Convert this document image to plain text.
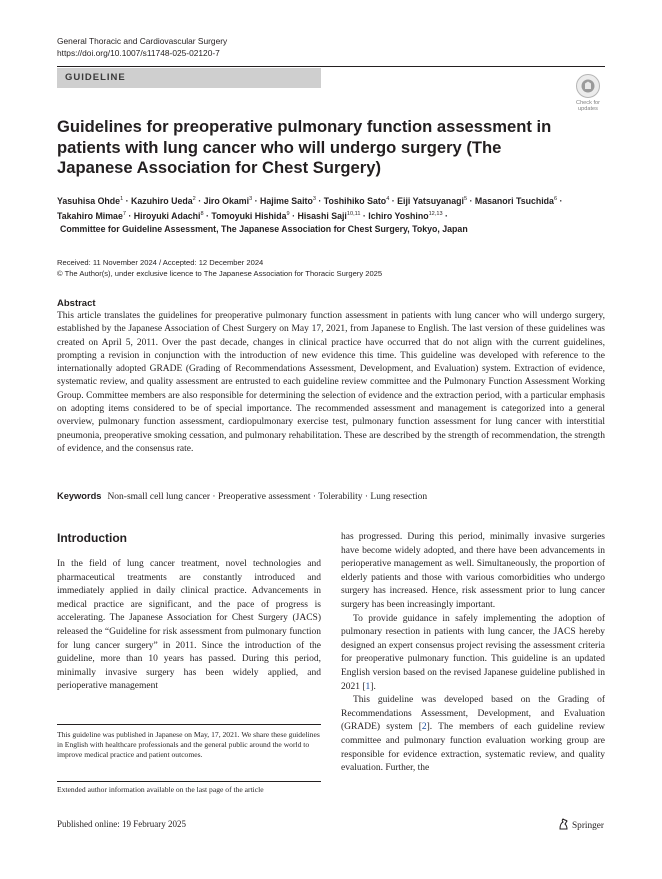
General Thoracic and Cardiovascular Surgery
https://doi.org/10.1007/s11748-025-02120-7
GUIDELINE
Check for
updates
Guidelines for preoperative pulmonary function assessment in patients with lung cancer who will undergo surgery (The Japanese Association for Chest Surgery)
Yasuhisa Ohde$^1$ · Kazuhiro Ueda$^2$ · Jiro Okami$^3$ · Hajime Saito$^3$ · Toshihiko Sato$^4$ · Eiji Yatsuyanagi$^5$ · Masanori Tsuchida$^6$ ·
Takahiro Mimae$^7$ · Hiroyuki Adachi$^8$ · Tomoyuki Hishida$^9$ · Hisashi Saji$^{10,11}$ · Ichiro Yoshino$^{12,13}$ ·
Committee for Guideline Assessment, The Japanese Association for Chest Surgery, Tokyo, Japan
Received: 11 November 2024 / Accepted: 12 December 2024
© The Author(s), under exclusive licence to The Japanese Association for Thoracic Surgery 2025
Abstract
This article translates the guidelines for preoperative pulmonary function assessment in patients with lung cancer who will undergo surgery, established by the Japanese Association of Chest Surgery on May 17, 2021, from Japanese to English. The last version of these guidelines was created on April 5, 2011. Over the past decade, changes in clinical practice have occurred that do not align with the current guidelines, prompting a revision in conjunction with the introduction of new evidence this time. This guideline was developed with reference to the internationally adopted GRADE (Grading of Recommendations Assessment, Development, and Evaluation) system. Extraction of evidence, systematic review, and quality assessment are entrusted to each guideline review committee and the Pulmonary Function Assessment Working Group. Committee members are also responsible for determining the selection of evidence and the extraction period, with a particular emphasis on adopting items considered to be of special importance. The recommended assessment and management is categorized into a general overview, pulmonary function assessment, cardiopulmonary exercise test, pulmonary function assessment for lung cancer with interstitial pneumonia, preoperative smoking cessation, and pulmonary rehabilitation. These are described by the strength of recommendation, the strength of evidence, and the consensus rate.
Keywords Non-small cell lung cancer · Preoperative assessment · Tolerability · Lung resection
Introduction

In the field of lung cancer treatment, novel technologies and pharmaceutical treatments are constantly introduced and immediately applied in daily clinical practice. Advancements in medical practice are significant, and the pace of progress is accelerating. The Japanese Association for Chest Surgery (JACS) released the “Guideline for risk assessment from pulmonary function for lung cancer surgery” in 2011. Since the introduction of the guideline, more than 10 years has passed. During this period, minimally invasive surgery has been widely applied, and perioperative management

has progressed. During this period, minimally invasive surgeries have become widely adopted, and there have been advancements in perioperative management as well. Simultaneously, the proportion of elderly patients and those with various comorbidities who undergo surgery has increased. Hence, risk assessment prior to lung cancer surgery has been increasingly important.

To provide guidance in safely implementing the adoption of pulmonary resection in patients with lung cancer, the JACS hereby designed an expert consensus project revising the assessment criteria for preoperative pulmonary function. This guideline is an updated English version based on the revised Japanese guideline published in 2021 [1].

This guideline was developed based on the Grading of Recommendations Assessment, Development, and Evaluation (GRADE) system [2]. The members of each guideline review committee and pulmonary function evaluation working group are responsible for evidence extraction, systematic review, and quality evaluation. Further, the

This guideline was published in Japanese on May, 17, 2021. We share these guidelines in English with healthcare professionals and the general public around the world to improve medical practice and patient outcomes.
Extended author information available on the last page of the article
Published online: 19 February 2025	Springer
